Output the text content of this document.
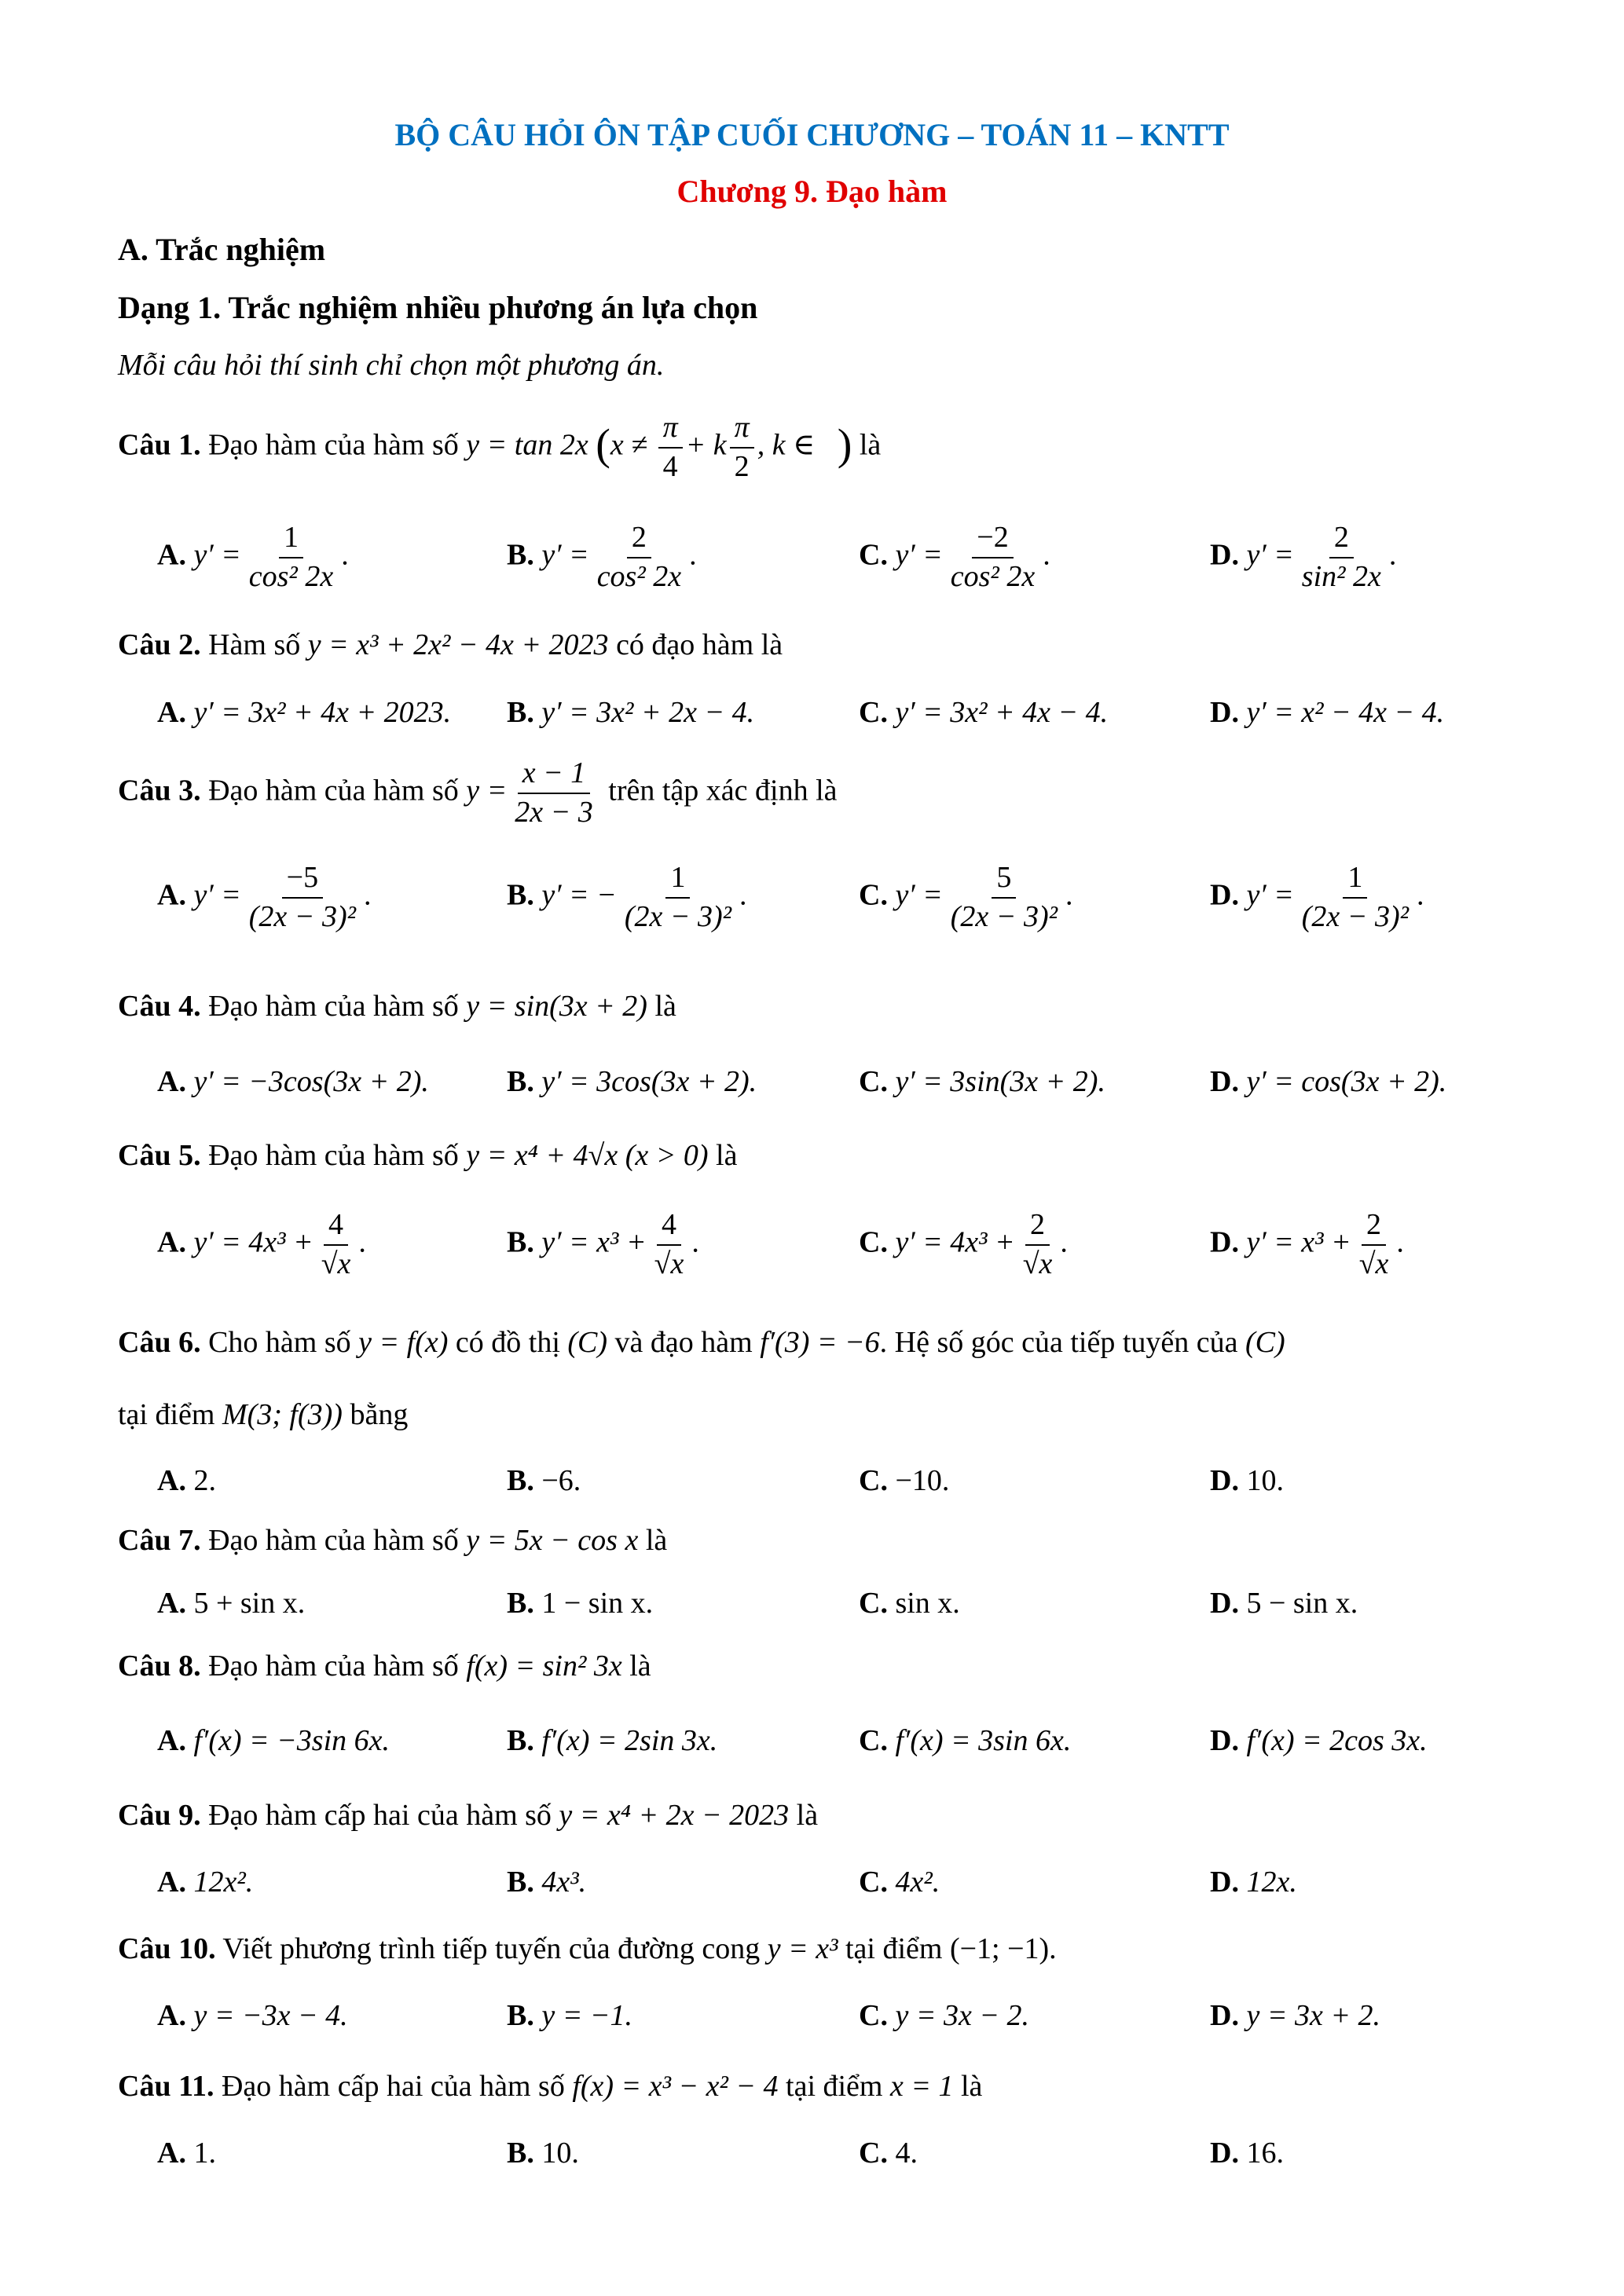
BỘ CÂU HỎI ÔN TẬP CUỐI CHƯƠNG – TOÁN 11 – KNTT
Chương 9. Đạo hàm
A. Trắc nghiệm
Dạng 1. Trắc nghiệm nhiều phương án lựa chọn
Mỗi câu hỏi thí sinh chỉ chọn một phương án.
Câu 1. Đạo hàm của hàm số y = tan 2x ($x \ne \frac{\pi}{4} + k \frac{\pi}{2}$ , k ∈ ) là
A. $y' = \frac{1}{\text{cos² 2x}}$ .	B. $y' = \frac{2}{\text{cos² 2x}}$ .	C. $y' = \frac{-2}{\text{cos² 2x}}$ .	D. $y' = \frac{2}{\text{sin² 2x}}$ .
Câu 2. Hàm số y = x³ + 2x² − 4x + 2023 có đạo hàm là
A. y′ = 3x² + 4x + 2023. B. y′ = 3x² + 2x − 4.	C. y′ = 3x² + 4x − 4.	D. y′ = x² − 4x − 4.
Câu 3. Đạo hàm của hàm số $y = \frac{x - 1}{2x - 3}$ trên tập xác định là
A. $y' = \frac{-5}{\text{(2x − 3)²}}$ .	B. y′ = − $\frac{1}{\text{(2x − 3)²}}$ .	C. $y' = \frac{5}{\text{(2x − 3)²}}$ .	D. $y' = \frac{1}{\text{(2x − 3)²}}$ .
Câu 4. Đạo hàm của hàm số y = sin(3x + 2) là
A. y′ = −3cos(3x + 2).	B. y′ = 3cos(3x + 2).	C. y′ = 3sin(3x + 2).	D. y′ = cos(3x + 2).
Câu 5. Đạo hàm của hàm số y = x⁴ + 4√x (x > 0) là
A. $y' = 4x^3 + \frac{4}{√x}$ .	B. $y' = x^3 + \frac{4}{√x}$ .	C. $y' = 4x^3 + \frac{2}{√x}$ .	D. $y' = x^3 + \frac{2}{√x}$ .
Câu 6. Cho hàm số y = f(x) có đồ thị (C) và đạo hàm f′(3) = −6. Hệ số góc của tiếp tuyến của (C)
tại điểm M(3; f(3)) bằng
A. 2.	B. −6.	C. −10.	D. 10.
Câu 7. Đạo hàm của hàm số y = 5x − cos x là
A. 5 + sin x.	B. 1 − sin x.	C. sin x.	D. 5 − sin x.
Câu 8. Đạo hàm của hàm số f(x) = sin² 3x là
A. f′(x) = −3sin 6x.	B. f′(x) = 2sin 3x.	C. f′(x) = 3sin 6x.	D. f′(x) = 2cos 3x.
Câu 9. Đạo hàm cấp hai của hàm số y = x⁴ + 2x − 2023 là
A. 12x².	B. 4x³.	C. 4x².	D. 12x.
Câu 10. Viết phương trình tiếp tuyến của đường cong y = x³ tại điểm (−1; −1).
A. y = −3x − 4.	B. y = −1.	C. y = 3x − 2.	D. y = 3x + 2.
Câu 11. Đạo hàm cấp hai của hàm số f(x) = x³ − x² − 4 tại điểm x = 1 là
A. 1.	B. 10.	C. 4.	D. 16.
